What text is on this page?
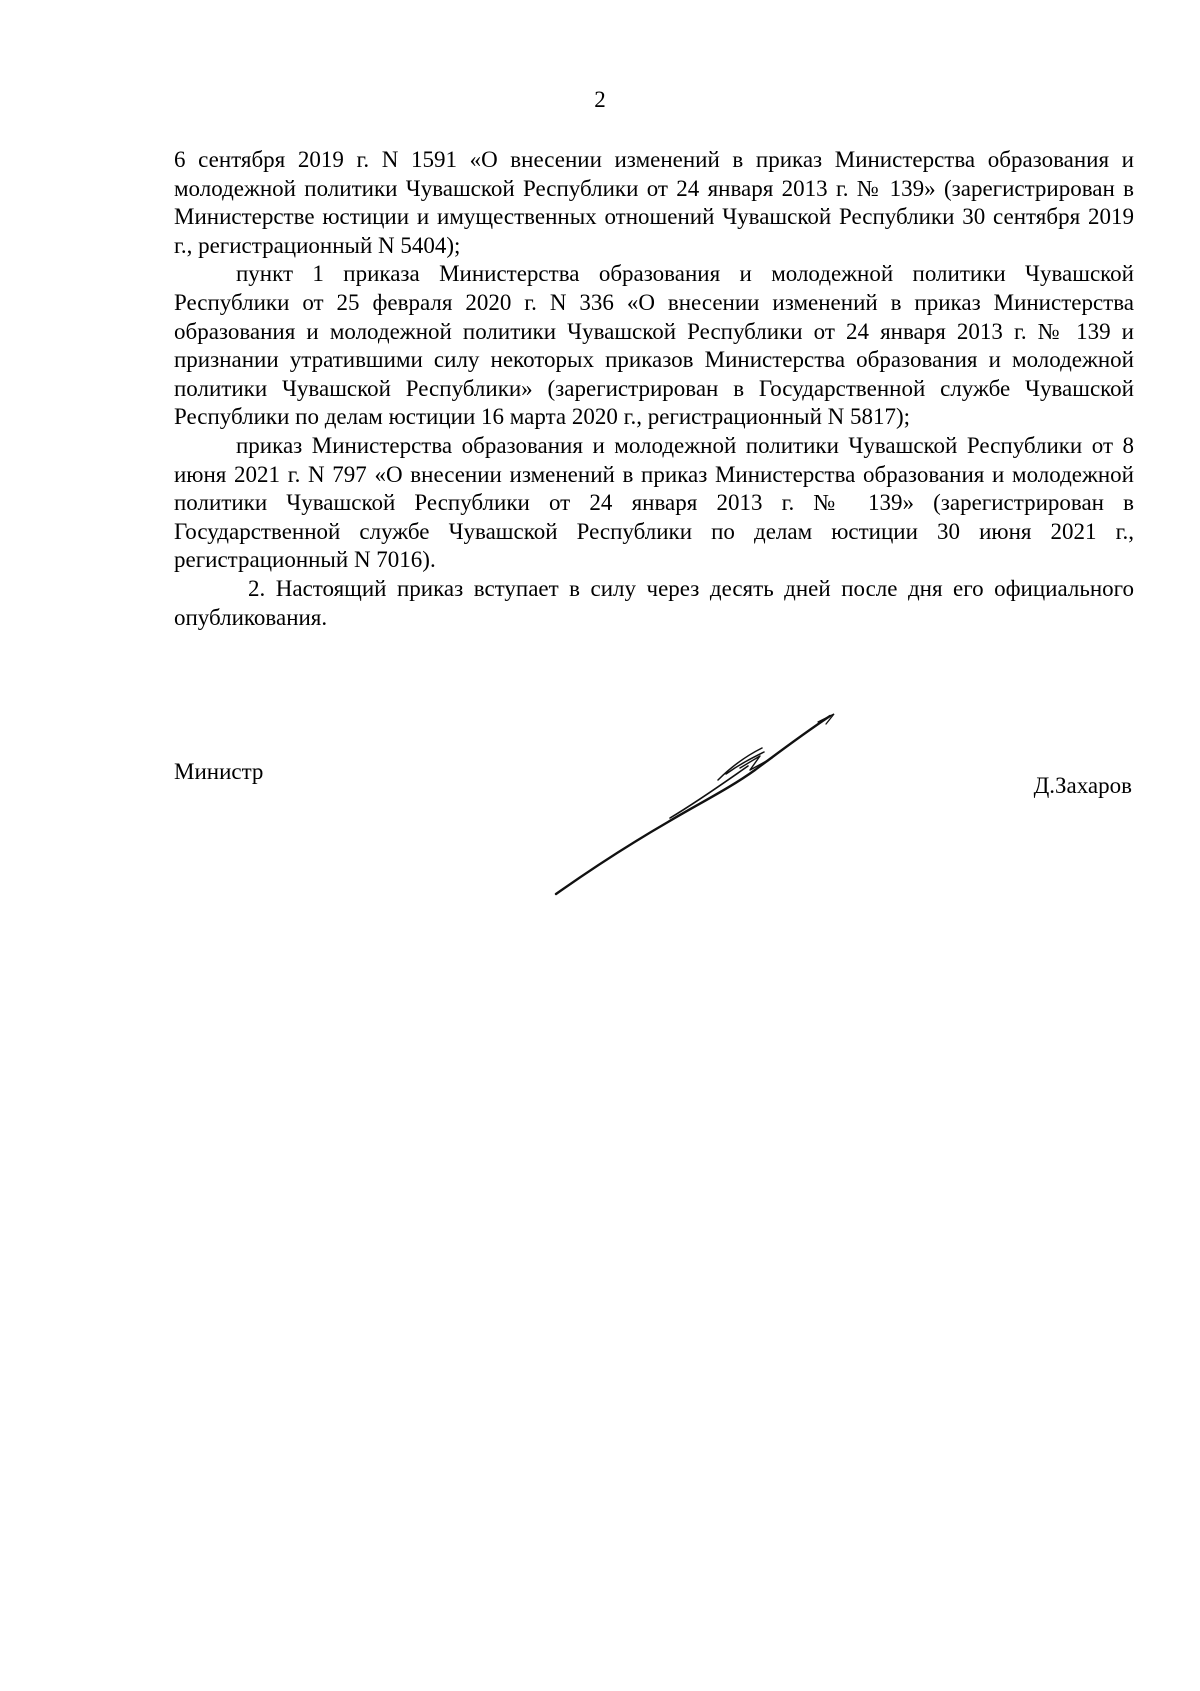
2

6 сентября 2019 г. N 1591 «О внесении изменений в приказ Министерства образования и молодежной политики Чувашской Республики от 24 января 2013 г. № 139» (зарегистрирован в Министерстве юстиции и имущественных отношений Чувашской Республики 30 сентября 2019 г., регистрационный N 5404);

пункт 1 приказа Министерства образования и молодежной политики Чувашской Республики от 25 февраля 2020 г. N 336 «О внесении изменений в приказ Министерства образования и молодежной политики Чувашской Республики от 24 января 2013 г. № 139 и признании утратившими силу некоторых приказов Министерства образования и молодежной политики Чувашской Республики» (зарегистрирован в Государственной службе Чувашской Республики по делам юстиции 16 марта 2020 г., регистрационный N 5817);

приказ Министерства образования и молодежной политики Чувашской Республики от 8 июня 2021 г. N 797 «О внесении изменений в приказ Министерства образования и молодежной политики Чувашской Республики от 24 января 2013 г. № 139» (зарегистрирован в Государственной службе Чувашской Республики по делам юстиции 30 июня 2021 г., регистрационный N 7016).

2. Настоящий приказ вступает в силу через десять дней после дня его официального опубликования.

Министр
Д.Захаров
